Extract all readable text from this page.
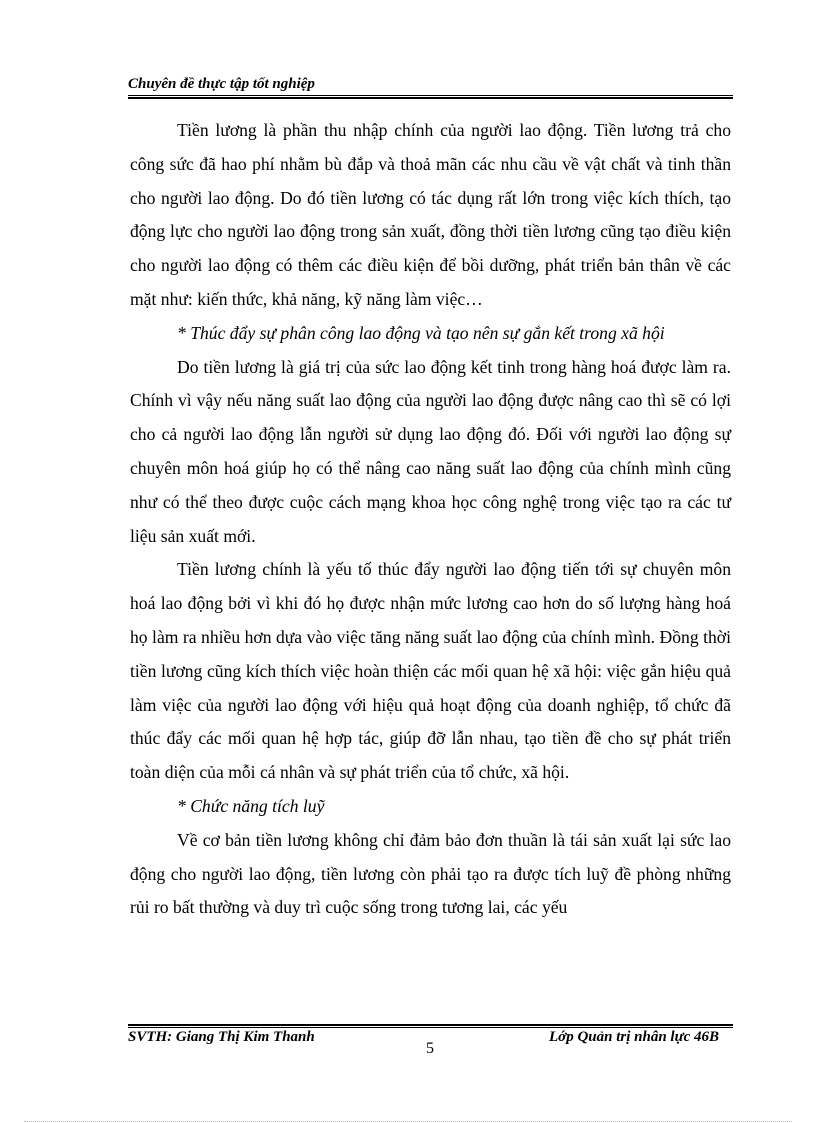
Chuyên đề thực tập tốt nghiệp

Tiền lương là phần thu nhập chính của người lao động. Tiền lương trả cho công sức đã hao phí nhằm bù đắp và thoả mãn các nhu cầu về vật chất và tinh thần cho người lao động. Do đó tiền lương có tác dụng rất lớn trong việc kích thích, tạo động lực cho người lao động trong sản xuất, đồng thời tiền lương cũng tạo điều kiện cho người lao động có thêm các điều kiện để bồi dưỡng, phát triển bản thân về các mặt như: kiến thức, khả năng, kỹ năng làm việc…

* Thúc đẩy sự phân công lao động và tạo nên sự gắn kết trong xã hội

Do tiền lương là giá trị của sức lao động kết tinh trong hàng hoá được làm ra. Chính vì vậy nếu năng suất lao động của người lao động được nâng cao thì sẽ có lợi cho cả người lao động lẫn người sử dụng lao động đó. Đối với người lao động sự chuyên môn hoá giúp họ có thể nâng cao năng suất lao động của chính mình cũng như có thể theo được cuộc cách mạng khoa học công nghệ trong việc tạo ra các tư liệu sản xuất mới.

Tiền lương chính là yếu tố thúc đẩy người lao động tiến tới sự chuyên môn hoá lao động bởi vì khi đó họ được nhận mức lương cao hơn do số lượng hàng hoá họ làm ra nhiều hơn dựa vào việc tăng năng suất lao động của chính mình. Đồng thời tiền lương cũng kích thích việc hoàn thiện các mối quan hệ xã hội: việc gắn hiệu quả làm việc của người lao động với hiệu quả hoạt động của doanh nghiệp, tổ chức đã thúc đẩy các mối quan hệ hợp tác, giúp đỡ lẫn nhau, tạo tiền đề cho sự phát triển toàn diện của mỗi cá nhân và sự phát triển của tổ chức, xã hội.

* Chức năng tích luỹ

Về cơ bản tiền lương không chỉ đảm bảo đơn thuần là tái sản xuất lại sức lao động cho người lao động, tiền lương còn phải tạo ra được tích luỹ đề phòng những rủi ro bất thường và duy trì cuộc sống trong tương lai, các yếu

SVTH: Giang Thị Kim Thanh
5
Lớp Quản trị nhân lực 46B
